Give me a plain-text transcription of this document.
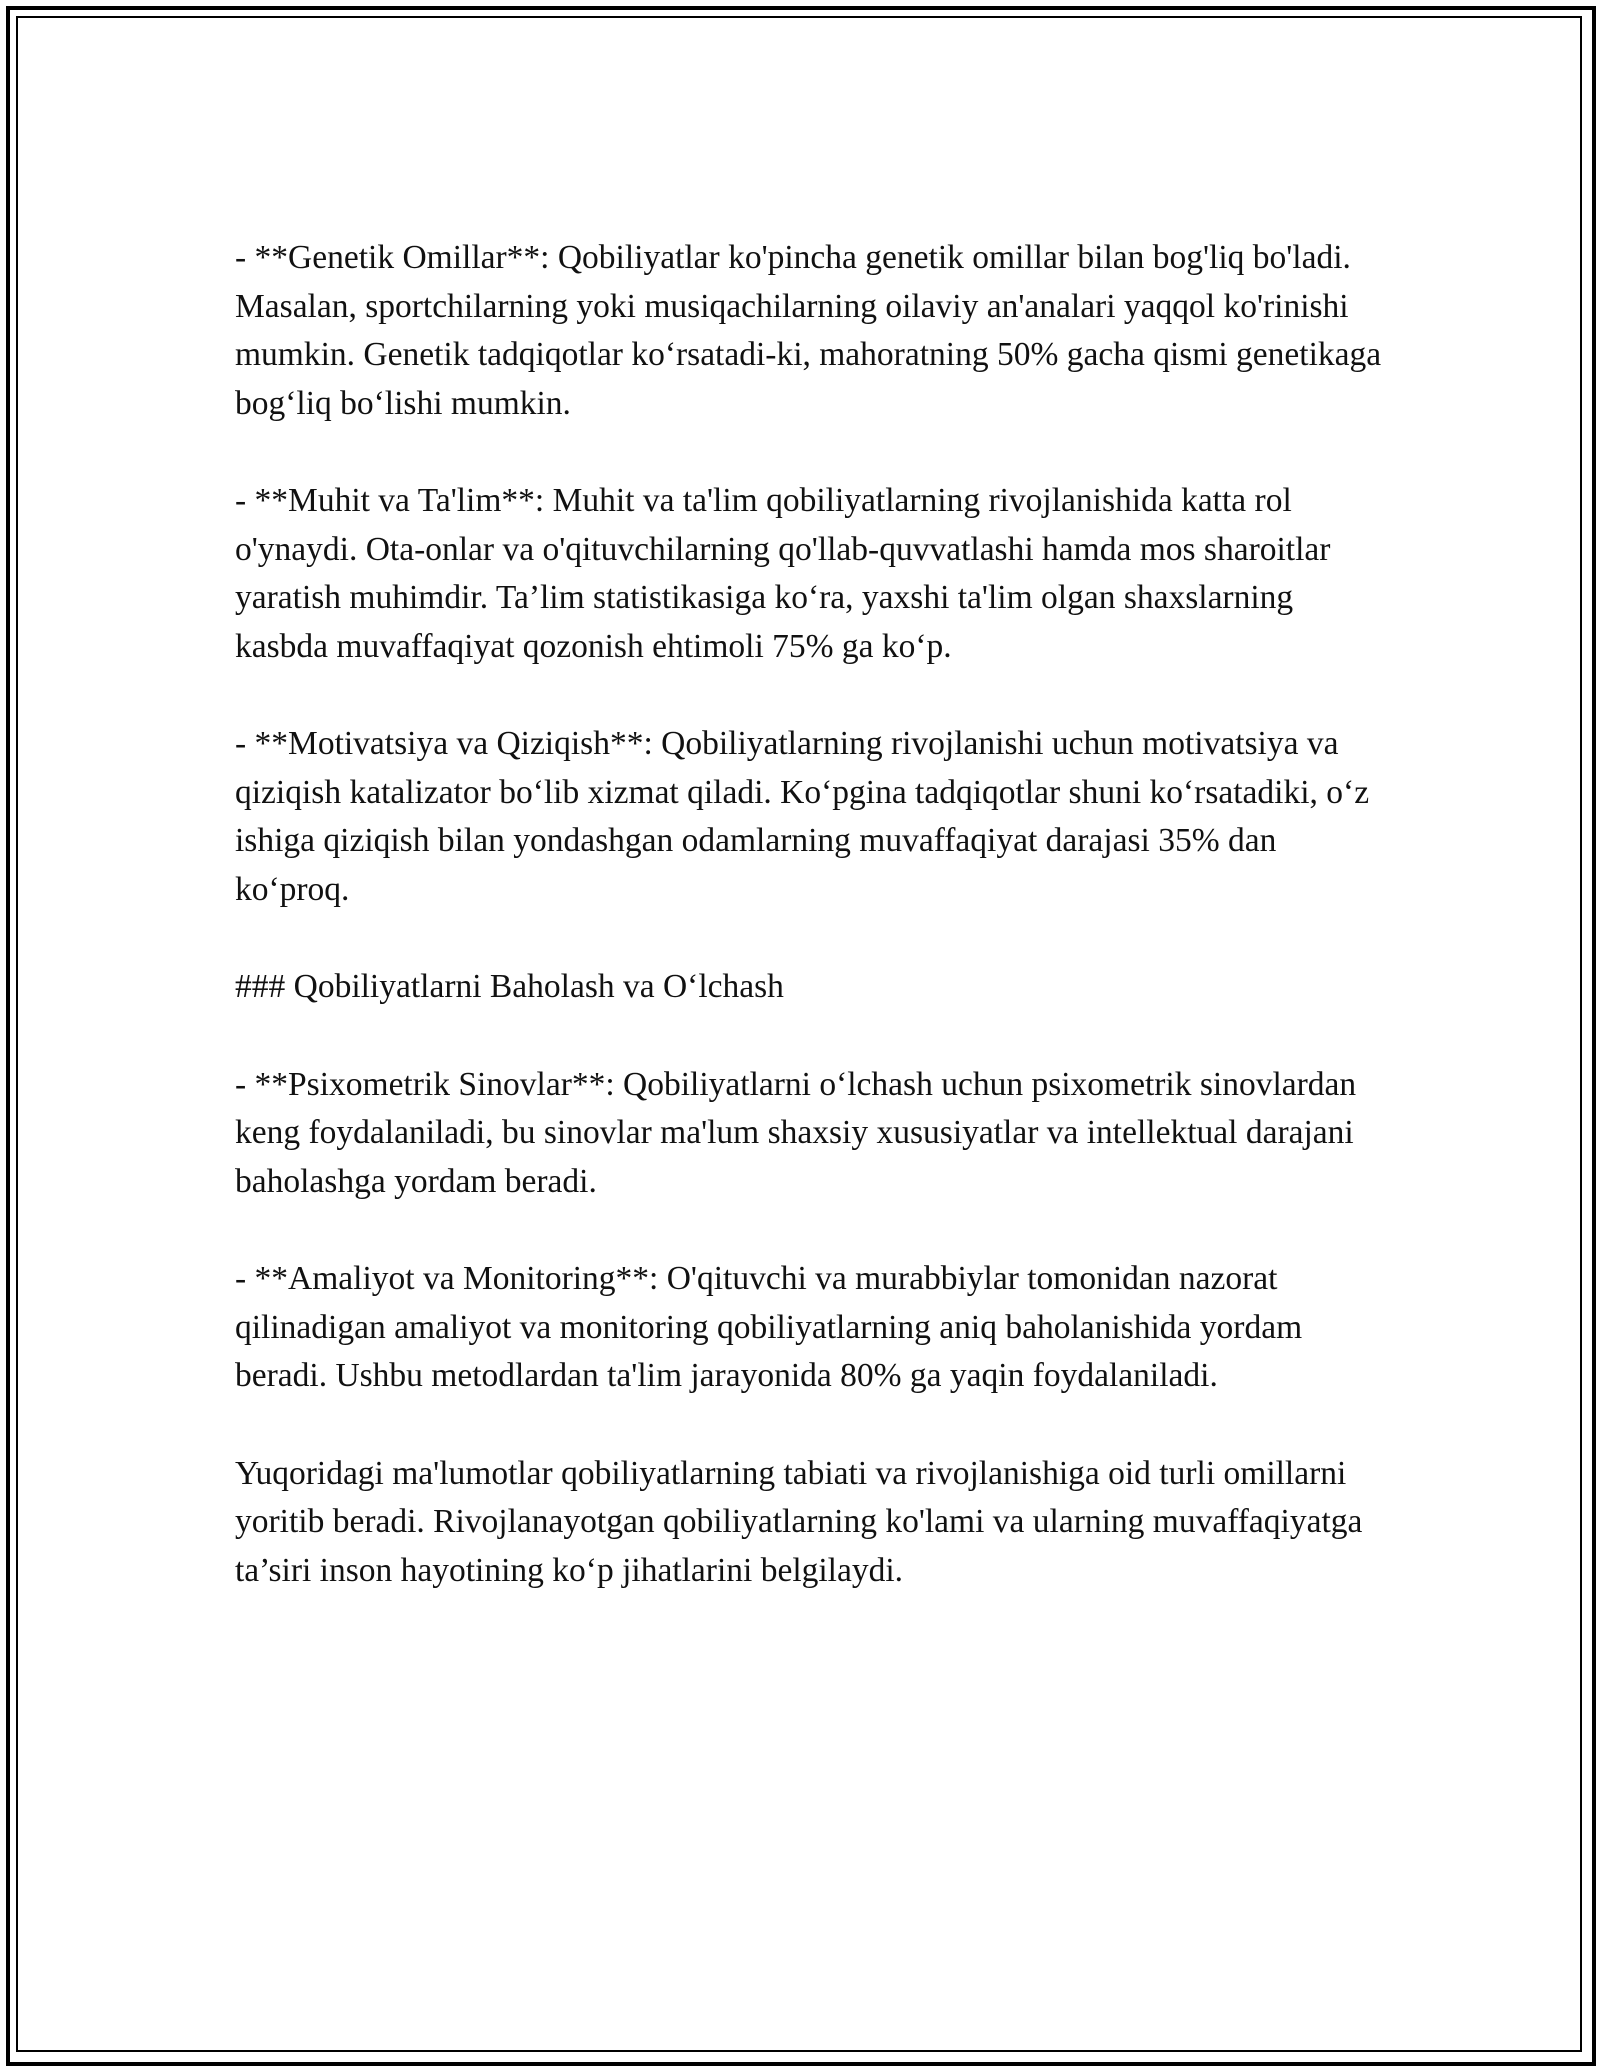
- **Genetik Omillar**: Qobiliyatlar ko'pincha genetik omillar bilan bog'liq bo'ladi. Masalan, sportchilarning yoki musiqachilarning oilaviy an'analari yaqqol ko'rinishi mumkin. Genetik tadqiqotlar koʻrsatadi-ki, mahoratning 50% gacha qismi genetikaga bogʻliq boʻlishi mumkin.

- **Muhit va Ta'lim**: Muhit va ta'lim qobiliyatlarning rivojlanishida katta rol o'ynaydi. Ota-onlar va o'qituvchilarning qo'llab-quvvatlashi hamda mos sharoitlar yaratish muhimdir. Ta’lim statistikasiga koʻra, yaxshi ta'lim olgan shaxslarning kasbda muvaffaqiyat qozonish ehtimoli 75% ga koʻp.

- **Motivatsiya va Qiziqish**: Qobiliyatlarning rivojlanishi uchun motivatsiya va qiziqish katalizator boʻlib xizmat qiladi. Koʻpgina tadqiqotlar shuni koʻrsatadiki, oʻz ishiga qiziqish bilan yondashgan odamlarning muvaffaqiyat darajasi 35% dan koʻproq.

### Qobiliyatlarni Baholash va Oʻlchash

- **Psixometrik Sinovlar**: Qobiliyatlarni oʻlchash uchun psixometrik sinovlardan keng foydalaniladi, bu sinovlar ma'lum shaxsiy xususiyatlar va intellektual darajani baholashga yordam beradi.

- **Amaliyot va Monitoring**: O'qituvchi va murabbiylar tomonidan nazorat qilinadigan amaliyot va monitoring qobiliyatlarning aniq baholanishida yordam beradi. Ushbu metodlardan ta'lim jarayonida 80% ga yaqin foydalaniladi.

Yuqoridagi ma'lumotlar qobiliyatlarning tabiati va rivojlanishiga oid turli omillarni yoritib beradi. Rivojlanayotgan qobiliyatlarning ko'lami va ularning muvaffaqiyatga ta’siri inson hayotining koʻp jihatlarini belgilaydi.
